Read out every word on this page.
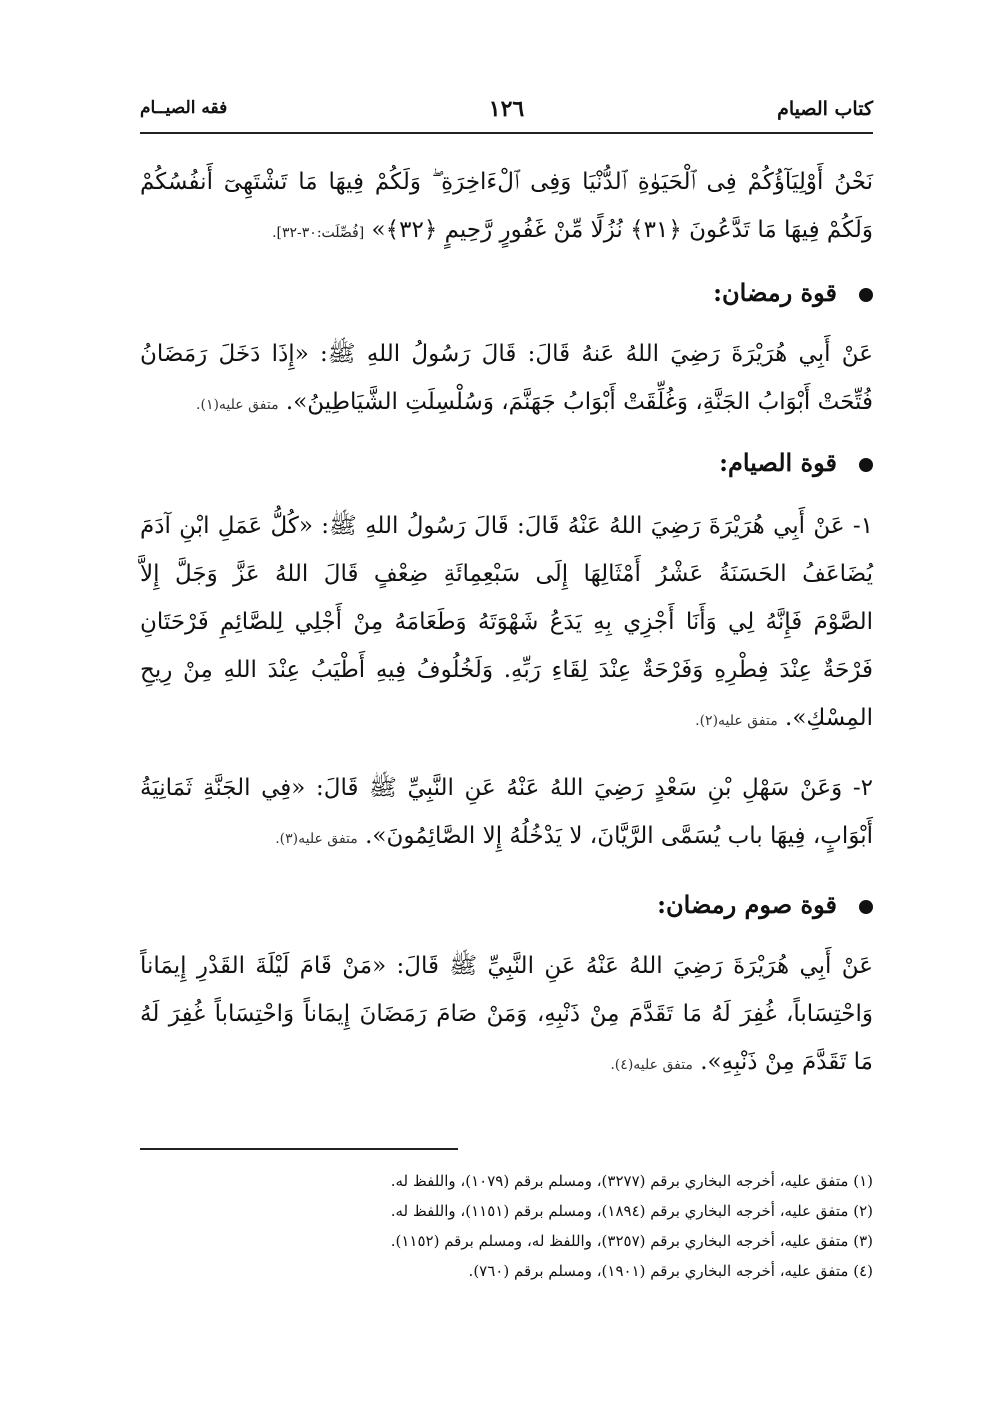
كتاب الصيام
١٢٦
فقه الصيــام
نَحْنُ أَوْلِيَآؤُكُمْ فِى ٱلْحَيَوٰةِ ٱلدُّنْيَا وَفِى ٱلْءَاخِرَةِ ۖ وَلَكُمْ فِيهَا مَا تَشْتَهِىٓ أَنفُسُكُمْ
وَلَكُمْ فِيهَا مَا تَدَّعُونَ ﴿٣١﴾ نُزُلًا مِّنْ غَفُورٍ رَّحِيمٍ ﴿٣٢﴾» [فُصِّلَت:٣٠-٣٢].
قوة رمضان:
عَنْ أَبِي هُرَيْرَةَ رَضِيَ اللهُ عَنهُ قَالَ: قَالَ رَسُولُ اللهِ ﷺ: «إِذَا دَخَلَ رَمَضَانُ
فُتِّحَتْ أَبْوَابُ الجَنَّةِ، وَغُلِّقَتْ أَبْوَابُ جَهَنَّمَ، وَسُلْسِلَتِ الشَّيَاطِينُ». متفق عليه(١).
قوة الصيام:
١- عَنْ أَبِي هُرَيْرَةَ رَضِيَ اللهُ عَنْهُ قَالَ: قَالَ رَسُولُ اللهِ ﷺ: «كُلُّ عَمَلِ ابْنِ آدَمَ
يُضَاعَفُ الحَسَنَةُ عَشْرُ أَمْثَالِهَا إِلَى سَبْعِمِائَةِ ضِعْفٍ قَالَ اللهُ عَزَّ وَجَلَّ إِلاَّ
الصَّوْمَ فَإِنَّهُ لِي وَأَنَا أَجْزِي بِهِ يَدَعُ شَهْوَتَهُ وَطَعَامَهُ مِنْ أَجْلِي لِلصَّائِمِ فَرْحَتَانِ
فَرْحَةٌ عِنْدَ فِطْرِهِ وَفَرْحَةٌ عِنْدَ لِقَاءِ رَبِّهِ. وَلَخُلُوفُ فِيهِ أَطْيَبُ عِنْدَ اللهِ مِنْ رِيحِ
المِسْكِ». متفق عليه(٢).
٢- وَعَنْ سَهْلِ بْنِ سَعْدٍ رَضِيَ اللهُ عَنْهُ عَنِ النَّبِيِّ ﷺ قَالَ: «فِي الجَنَّةِ ثَمَانِيَةُ
أَبْوَابٍ، فِيهَا باب يُسَمَّى الرَّيَّانَ، لا يَدْخُلُهُ إِلا الصَّائِمُونَ». متفق عليه(٣).
قوة صوم رمضان:
عَنْ أَبِي هُرَيْرَةَ رَضِيَ اللهُ عَنْهُ عَنِ النَّبِيِّ ﷺ قَالَ: «مَنْ قَامَ لَيْلَةَ القَدْرِ إِيمَاناً
وَاحْتِسَاباً، غُفِرَ لَهُ مَا تَقَدَّمَ مِنْ ذَنْبِهِ، وَمَنْ صَامَ رَمَضَانَ إِيمَاناً وَاحْتِسَاباً غُفِرَ لَهُ
مَا تَقَدَّمَ مِنْ ذَنْبِهِ». متفق عليه(٤).
(١) متفق عليه، أخرجه البخاري برقم (٣٢٧٧)، ومسلم برقم (١٠٧٩)، واللفظ له.
(٢) متفق عليه، أخرجه البخاري برقم (١٨٩٤)، ومسلم برقم (١١٥١)، واللفظ له.
(٣) متفق عليه، أخرجه البخاري برقم (٣٢٥٧)، واللفظ له، ومسلم برقم (١١٥٢).
(٤) متفق عليه، أخرجه البخاري برقم (١٩٠١)، ومسلم برقم (٧٦٠).
